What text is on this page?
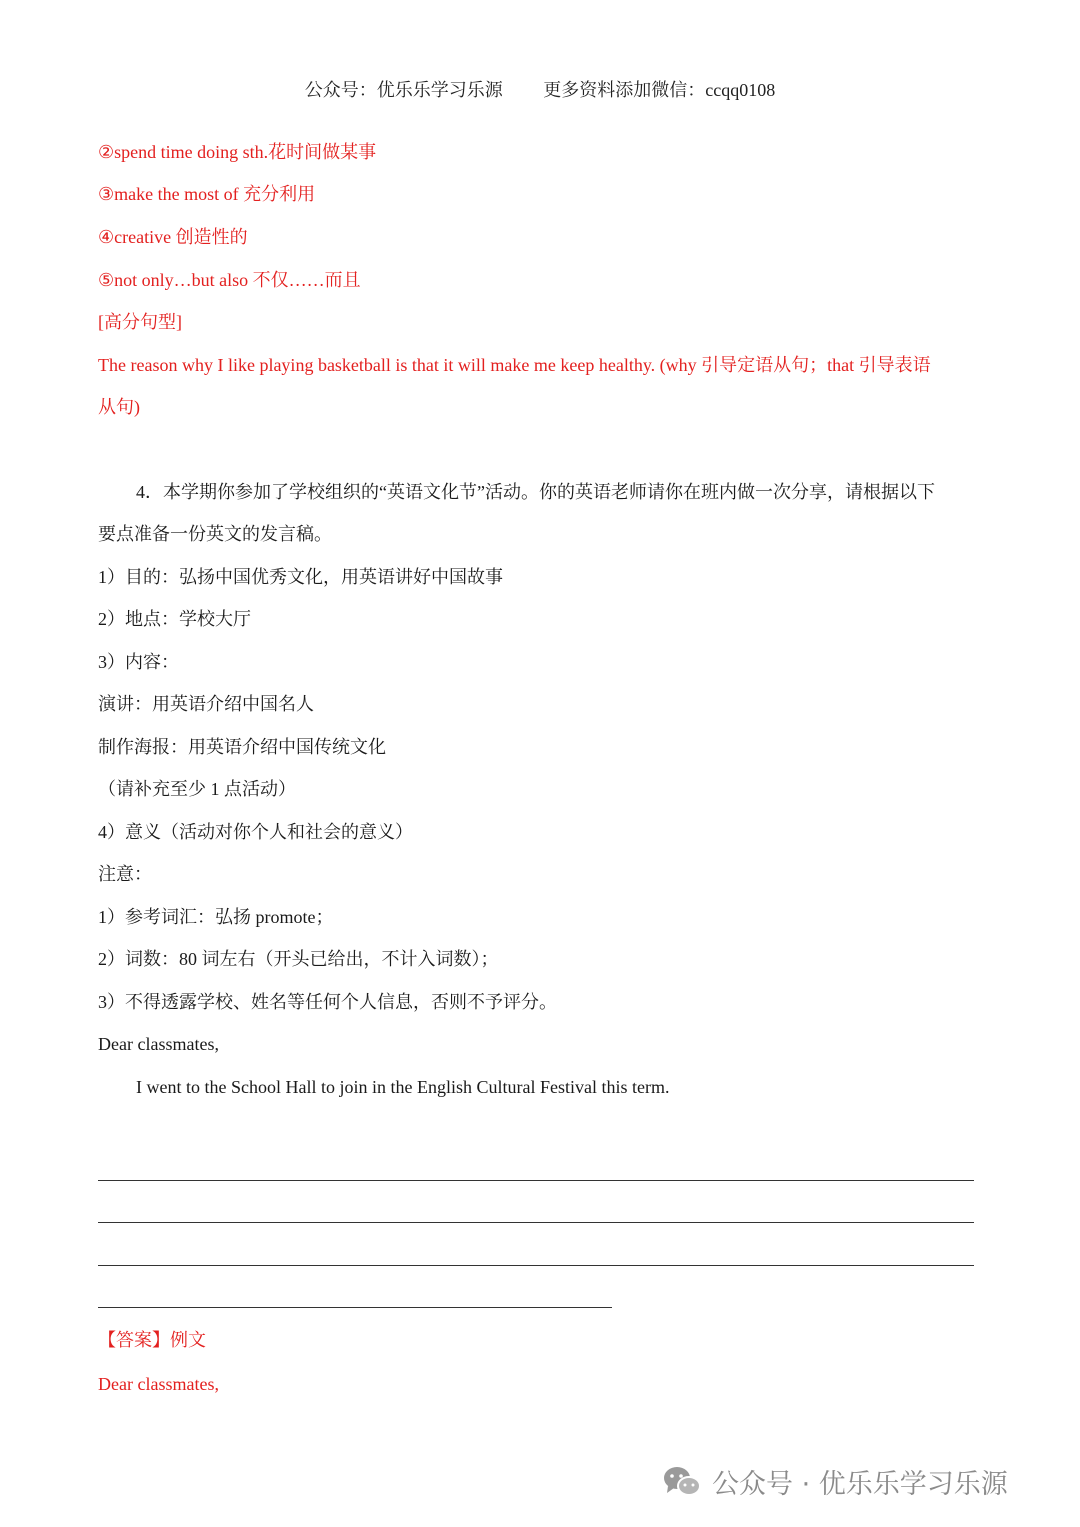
公众号：优乐乐学习乐源 更多资料添加微信：ccqq0108
②spend time doing sth.花时间做某事
③make the most of 充分利用
④creative 创造性的
⑤not only…but also 不仅……而且
[高分句型]
The reason why I like playing basketball is that it will make me keep healthy. (why 引导定语从句；that 引导表语
从句)
4．本学期你参加了学校组织的“英语文化节”活动。你的英语老师请你在班内做一次分享，请根据以下
要点准备一份英文的发言稿。
1）目的：弘扬中国优秀文化，用英语讲好中国故事
2）地点：学校大厅
3）内容：
演讲：用英语介绍中国名人
制作海报：用英语介绍中国传统文化
（请补充至少 1 点活动）
4）意义（活动对你个人和社会的意义）
注意：
1）参考词汇：弘扬 promote；
2）词数：80 词左右（开头已给出，不计入词数）；
3）不得透露学校、姓名等任何个人信息，否则不予评分。
Dear classmates,
I went to the School Hall to join in the English Cultural Festival this term.
【答案】例文
Dear classmates,
公众号 · 优乐乐学习乐源
